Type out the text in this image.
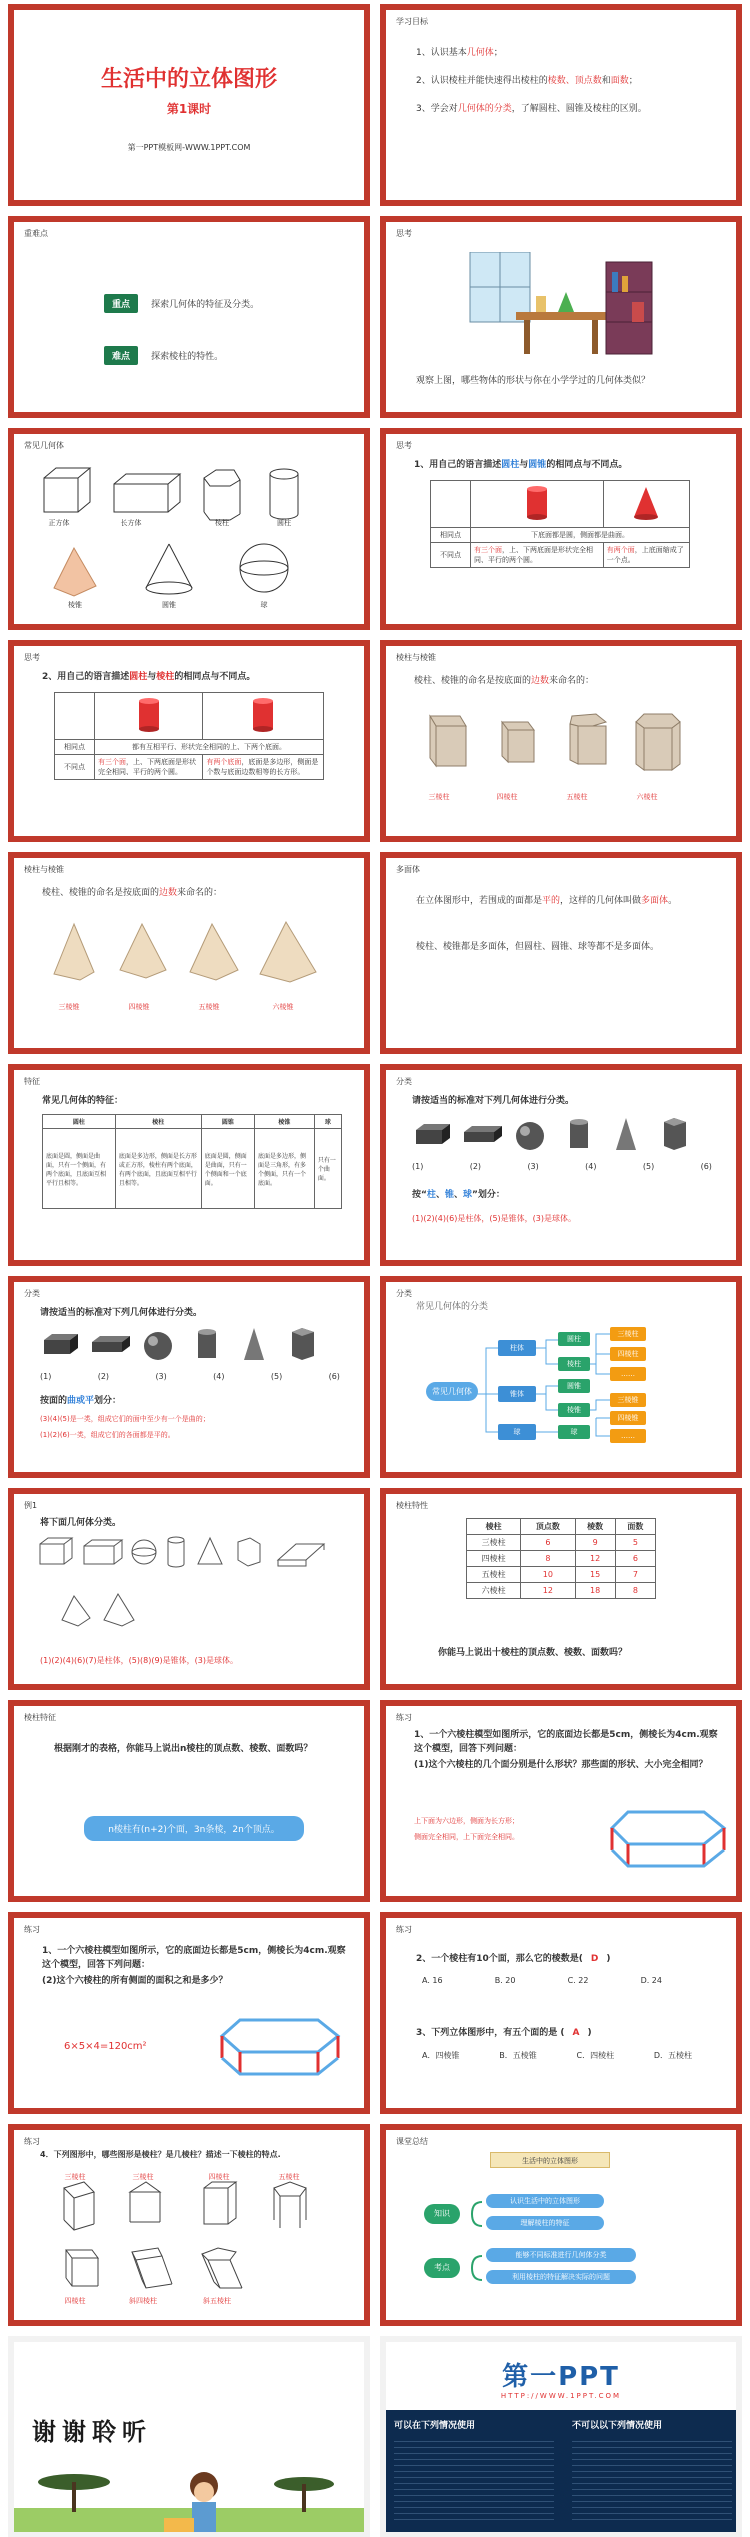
生活中的立体图形
第1课时
第一PPT模板网-WWW.1PPT.COM
学习目标
1、认识基本几何体；
2、认识棱柱并能快速得出棱柱的棱数、顶点数和面数；
3、学会对几何体的分类，了解圆柱、圆锥及棱柱的区别。
重难点
重点 探索几何体的特征及分类。
难点 探索棱柱的特性。
思考
观察上图，哪些物体的形状与你在小学学过的几何体类似？
常见几何体
正方体	长方体	棱柱	圆柱
棱锥	圆锥	球
思考
1、用自己的语言描述圆柱与圆锥的相同点与不同点。

相同点	下底面都是圆，侧面都是曲面。	
不同点	有三个面，上、下两底面是形状完全相同、平行的两个圆。	有两个面，上底面缩成了一个点。
思考
2、用自己的语言描述圆柱与棱柱的相同点与不同点。

相同点	都有互相平行、形状完全相同的上、下两个底面。	
不同点	有三个面，上、下两底面是形状完全相同、平行的两个圆。	有两个底面，底面是多边形，侧面是个数与底面边数相等的长方形。
棱柱与棱锥
棱柱、棱锥的命名是按底面的边数来命名的：
三棱柱	四棱柱	五棱柱	六棱柱
棱柱与棱锥
棱柱、棱锥的命名是按底面的边数来命名的：
三棱锥	四棱锥	五棱锥	六棱锥
多面体
在立体图形中，若围成的面都是平的，这样的几何体叫做多面体。
棱柱、棱锥都是多面体，但圆柱、圆锥、球等都不是多面体。
特征
常见几何体的特征：
圆柱	棱柱	圆锥	棱锥	球
底面是圆，侧面是曲面，只有一个侧面，有两个底面，且底面互相平行且相等。	底面是多边形，侧面是长方形或正方形，棱柱有两个底面，有两个底面，且底面互相平行且相等。	底面是圆，侧面是曲面，只有一个侧面和一个底面。	底面是多边形，侧面是三角形，有多个侧面，只有一个底面。	只有一个曲面。
分类
请按适当的标准对下列几何体进行分类。
(1)	(2)	(3)	(4)	(5)	(6)
按“柱、锥、球”划分：
(1)(2)(4)(6)是柱体，(5)是锥体，(3)是球体。
分类
请按适当的标准对下列几何体进行分类。
(1)	(2)	(3)	(4)	(5)	(6)
按面的曲或平划分：
(3)(4)(5)是一类，组成它们的面中至少有一个是曲的；
(1)(2)(6)一类，组成它们的各面都是平的。
分类
常见几何体的分类
常见几何体
柱体
锥体
球
圆柱
棱柱
圆锥
棱锥
球
三棱柱
四棱柱
……
三棱锥
四棱锥
……
例1
将下面几何体分类。
(1)(2)(4)(6)(7)是柱体，(5)(8)(9)是锥体，(3)是球体。
棱柱特性
棱柱	顶点数	棱数	面数
三棱柱	6	9	5
四棱柱	8	12	6
五棱柱	10	15	7
六棱柱	12	18	8
你能马上说出十棱柱的顶点数、棱数、面数吗？
棱柱特征
根据刚才的表格，你能马上说出n棱柱的顶点数、棱数、面数吗？
n棱柱有(n+2)个面，3n条棱，2n个顶点。
练习
1、一个六棱柱模型如图所示，它的底面边长都是5cm，侧棱长为4cm.观察这个模型，回答下列问题：
(1)这个六棱柱的几个面分别是什么形状？那些面的形状、大小完全相同？
上下面为六边形，侧面为长方形；
侧面完全相同，上下面完全相同。
练习
1、一个六棱柱模型如图所示，它的底面边长都是5cm，侧棱长为4cm.观察这个模型，回答下列问题：
(2)这个六棱柱的所有侧面的面积之和是多少？
6×5×4=120cm²
练习
2、一个棱柱有10个面，那么它的棱数是( D )
A. 16	B. 20	C. 22	D. 24
3、下列立体图形中，有五个面的是 ( A )
A．四棱锥	B．五棱锥	C．四棱柱	D．五棱柱
练习
4．下列图形中，哪些图形是棱柱？是几棱柱？描述一下棱柱的特点.
三棱柱	三棱柱	四棱柱	五棱柱
四棱柱	斜四棱柱	斜五棱柱
课堂总结
生活中的立体图形
知识
认识生活中的立体图形
理解棱柱的特征
考点
能够不同标准进行几何体分类
利用棱柱的特征解决实际的问题
谢谢聆听
第一PPT
HTTP://WWW.1PPT.COM
可以在下列情况使用	不可以以下列情况使用
